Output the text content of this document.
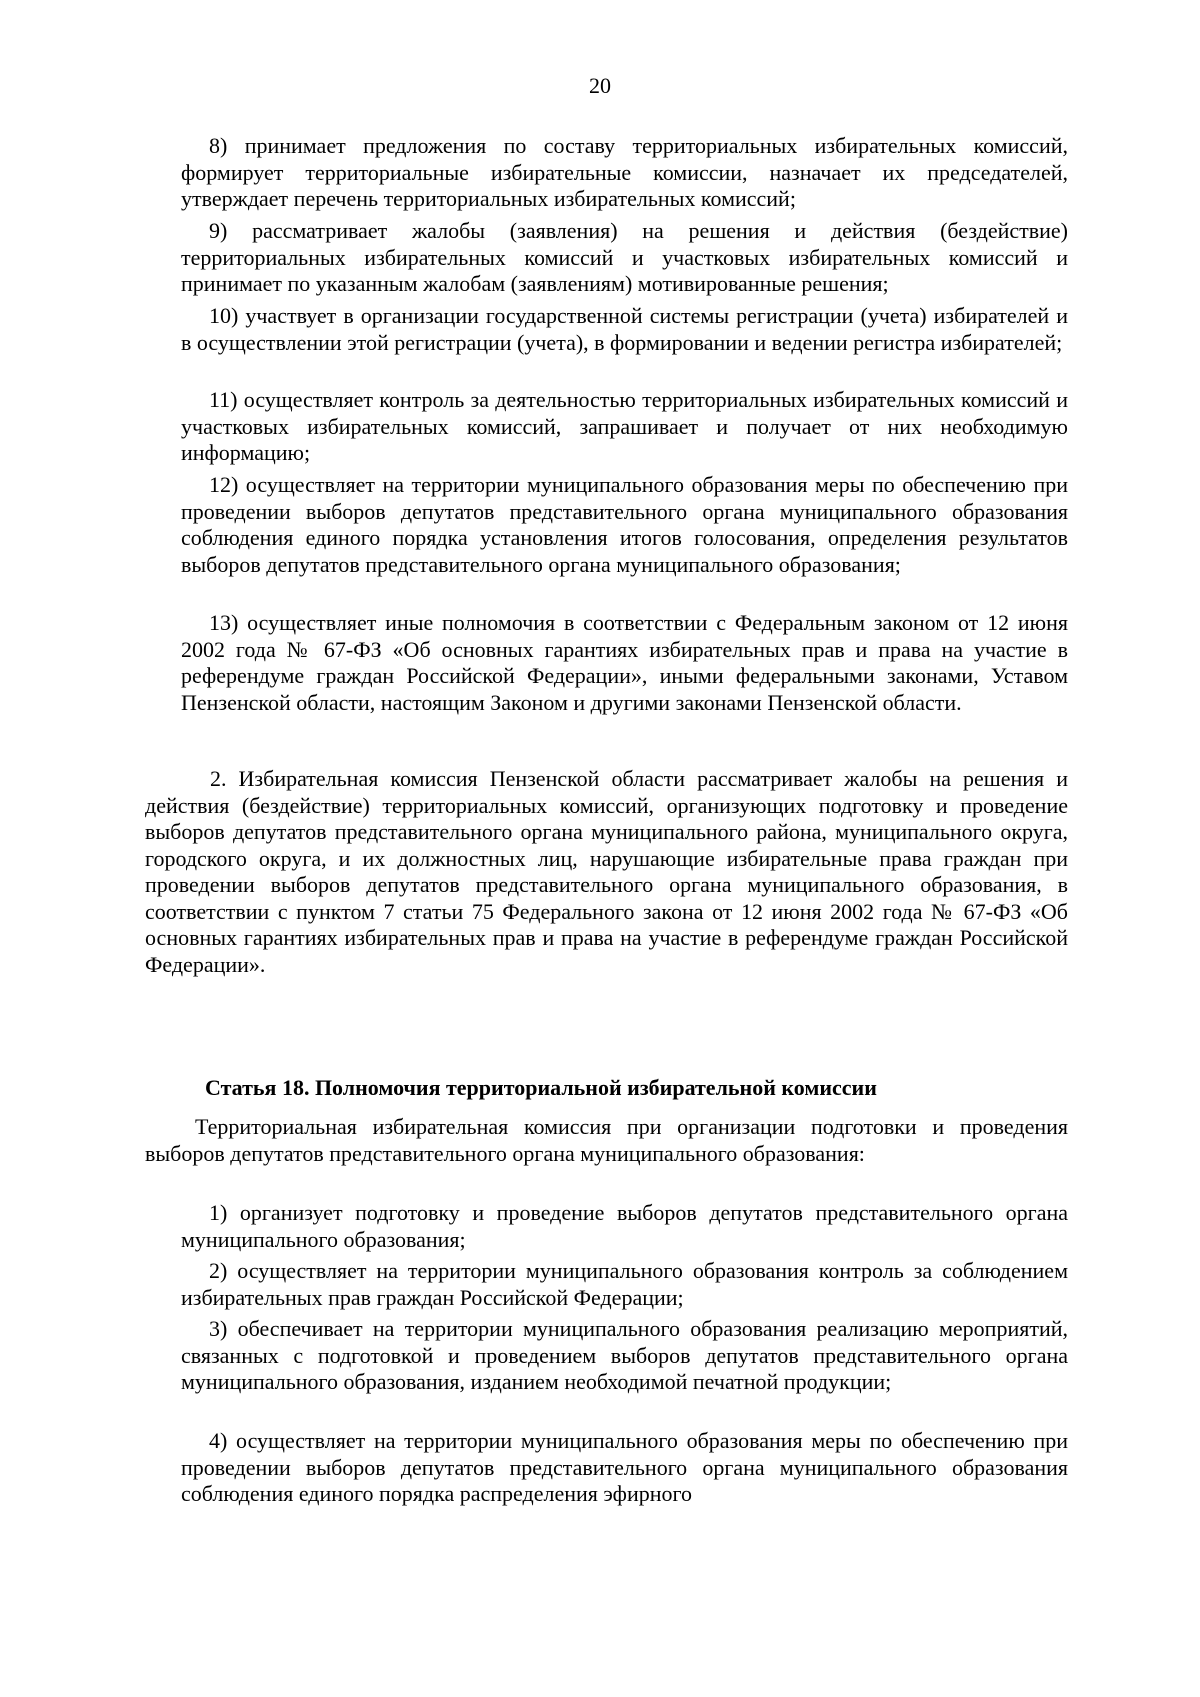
20

8) принимает предложения по составу территориальных избирательных комиссий, формирует территориальные избирательные комиссии, назначает их председателей, утверждает перечень территориальных избирательных комиссий;

9) рассматривает жалобы (заявления) на решения и действия (бездействие) территориальных избирательных комиссий и участковых избирательных комиссий и принимает по указанным жалобам (заявлениям) мотивированные решения;

10) участвует в организации государственной системы регистрации (учета) избирателей и в осуществлении этой регистрации (учета), в формировании и ведении регистра избирателей;

11) осуществляет контроль за деятельностью территориальных избирательных комиссий и участковых избирательных комиссий, запрашивает и получает от них необходимую информацию;

12) осуществляет на территории муниципального образования меры по обеспечению при проведении выборов депутатов представительного органа муниципального образования соблюдения единого порядка установления итогов голосования, определения результатов выборов депутатов представительного органа муниципального образования;

13) осуществляет иные полномочия в соответствии с Федеральным законом от 12 июня 2002 года № 67-ФЗ «Об основных гарантиях избирательных прав и права на участие в референдуме граждан Российской Федерации», иными федеральными законами, Уставом Пензенской области, настоящим Законом и другими законами Пензенской области.

2. Избирательная комиссия Пензенской области рассматривает жалобы на решения и действия (бездействие) территориальных комиссий, организующих подготовку и проведение выборов депутатов представительного органа муниципального района, муниципального округа, городского округа, и их должностных лиц, нарушающие избирательные права граждан при проведении выборов депутатов представительного органа муниципального образования, в соответствии с пунктом 7 статьи 75 Федерального закона от 12 июня 2002 года № 67-ФЗ «Об основных гарантиях избирательных прав и права на участие в референдуме граждан Российской Федерации».

Статья 18. Полномочия территориальной избирательной комиссии

Территориальная избирательная комиссия при организации подготовки и проведения выборов депутатов представительного органа муниципального образования:

1) организует подготовку и проведение выборов депутатов представительного органа муниципального образования;

2) осуществляет на территории муниципального образования контроль за соблюдением избирательных прав граждан Российской Федерации;

3) обеспечивает на территории муниципального образования реализацию мероприятий, связанных с подготовкой и проведением выборов депутатов представительного органа муниципального образования, изданием необходимой печатной продукции;

4) осуществляет на территории муниципального образования меры по обеспечению при проведении выборов депутатов представительного органа муниципального образования соблюдения единого порядка распределения эфирного
